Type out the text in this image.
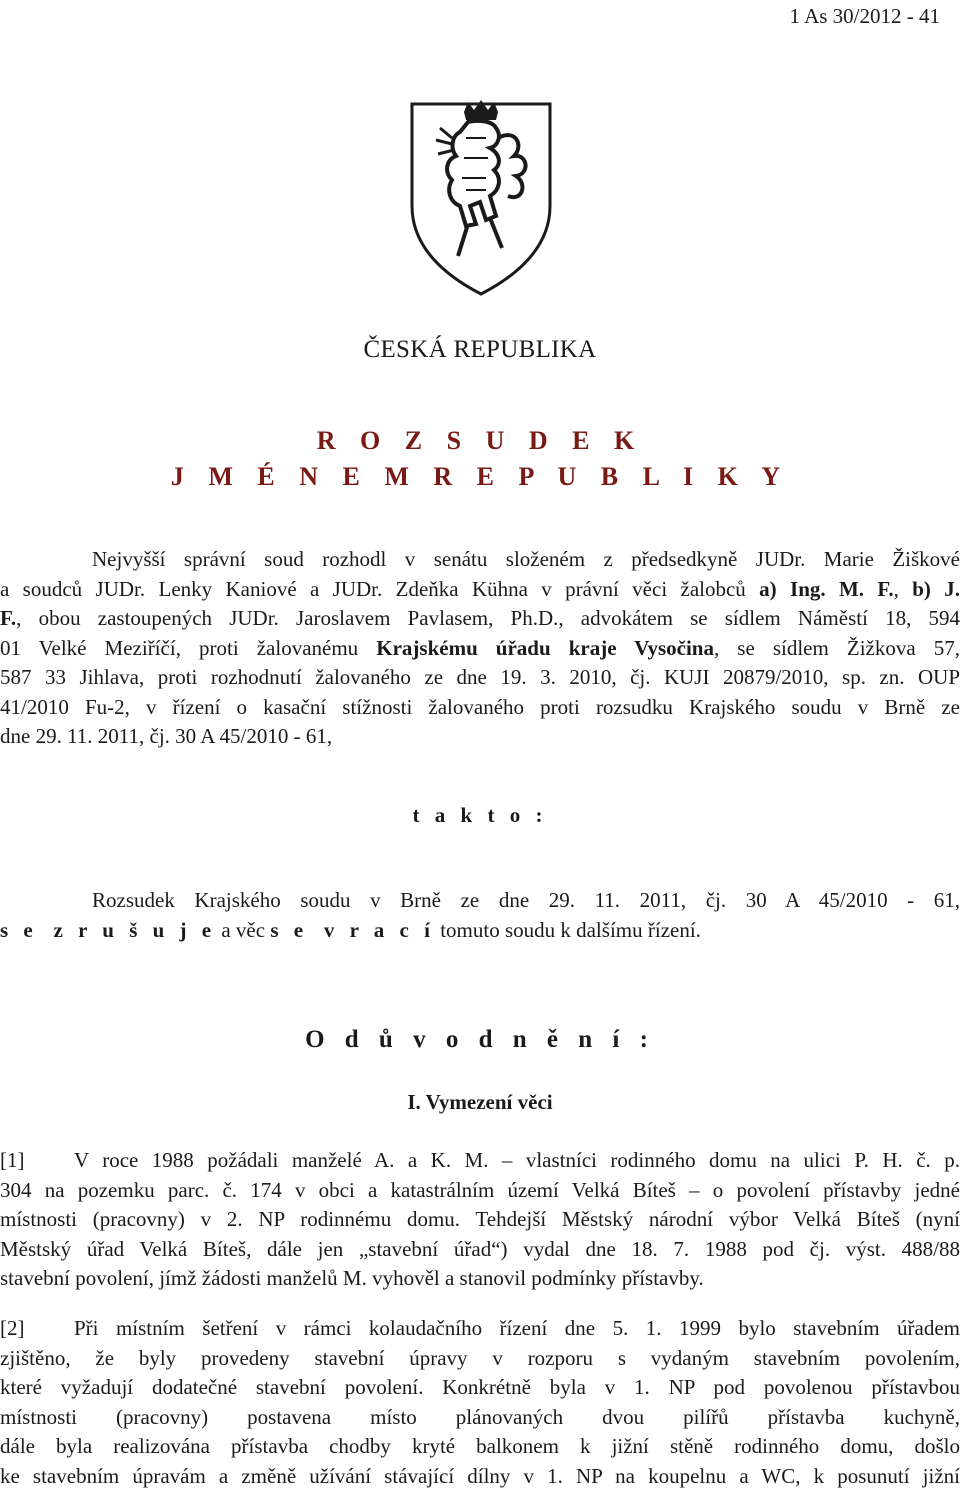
1 As 30/2012 - 41
ČESKÁ REPUBLIKA
R O Z S U D E K
J M É N E M R E P U B L I K Y
Nejvyšší správní soud rozhodl v senátu složeném z předsedkyně JUDr. Marie Žiškové
a soudců JUDr. Lenky Kaniové a JUDr. Zdeňka Kühna v právní věci žalobců a) Ing. M. F., b) J.
F., obou zastoupených JUDr. Jaroslavem Pavlasem, Ph.D., advokátem se sídlem Náměstí 18, 594
01 Velké Meziříčí, proti žalovanému Krajskému úřadu kraje Vysočina, se sídlem Žižkova 57,
587 33 Jihlava, proti rozhodnutí žalovaného ze dne 19. 3. 2010, čj. KUJI 20879/2010, sp. zn. OUP
41/2010 Fu-2, v řízení o kasační stížnosti žalovaného proti rozsudku Krajského soudu v Brně ze
dne 29. 11. 2011, čj. 30 A 45/2010 - 61,
t a k t o :
Rozsudek Krajského soudu v Brně ze dne 29. 11. 2011, čj. 30 A 45/2010 - 61,
s e z r u š u j e a věc s e v r a c í tomuto soudu k dalšímu řízení.
O d ů v o d n ě n í :
I. Vymezení věci
[1] V roce 1988 požádali manželé A. a K. M. – vlastníci rodinného domu na ulici P. H. č. p.
304 na pozemku parc. č. 174 v obci a katastrálním území Velká Bíteš – o povolení přístavby jedné
místnosti (pracovny) v 2. NP rodinnému domu. Tehdejší Městský národní výbor Velká Bíteš (nyní
Městský úřad Velká Bíteš, dále jen „stavební úřad“) vydal dne 18. 7. 1988 pod čj. výst. 488/88
stavební povolení, jímž žádosti manželů M. vyhověl a stanovil podmínky přístavby.
[2] Při místním šetření v rámci kolaudačního řízení dne 5. 1. 1999 bylo stavebním úřadem
zjištěno, že byly provedeny stavební úpravy v rozporu s vydaným stavebním povolením,
které vyžadují dodatečné stavební povolení. Konkrétně byla v 1. NP pod povolenou přístavbou
místnosti (pracovny) postavena místo plánovaných dvou pilířů přístavba kuchyně,
dále byla realizována přístavba chodby kryté balkonem k jižní stěně rodinného domu, došlo
ke stavebním úpravám a změně užívání stávající dílny v 1. NP na koupelnu a WC, k posunutí jižní
